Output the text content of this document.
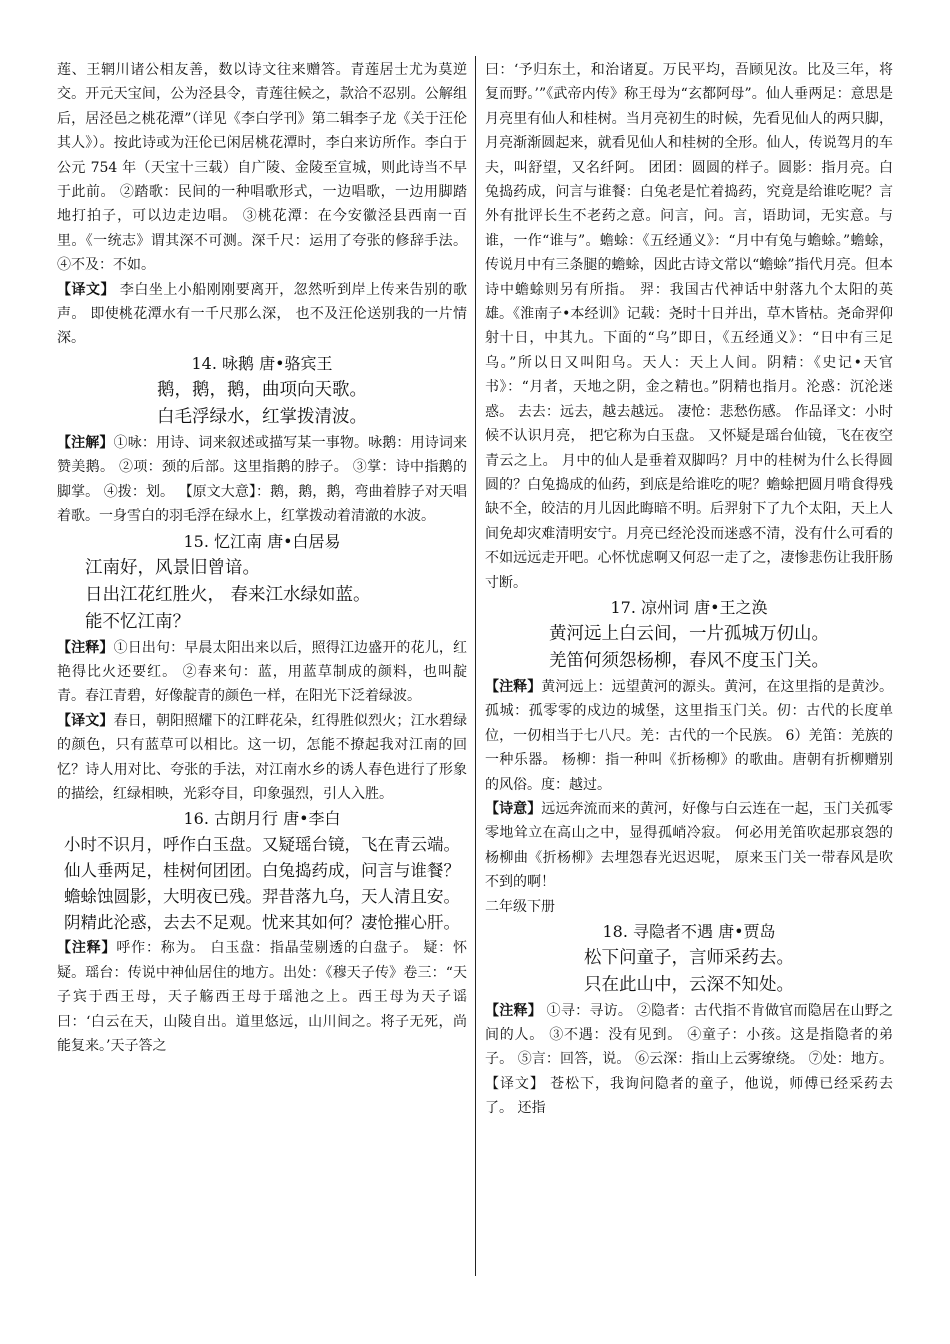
莲、王辋川诸公相友善，数以诗文往来赠答。青莲居士尤为莫逆交。开元天宝间，公为泾县令，青莲往候之，款洽不忍别。公解组后，居泾邑之桃花潭”（详见《李白学刊》第二辑李子龙《关于汪伦其人》）。按此诗或为汪伦已闲居桃花潭时，李白来访所作。李白于公元 754 年（天宝十三载）自广陵、金陵至宣城，则此诗当不早于此前。 ②踏歌：民间的一种唱歌形式，一边唱歌，一边用脚踏地打拍子，可以边走边唱。 ③桃花潭：在今安徽泾县西南一百里。《一统志》谓其深不可测。深千尺：运用了夸张的修辞手法。 ④不及：不如。

【译文】 李白坐上小船刚刚要离开，忽然听到岸上传来告别的歌声。 即使桃花潭水有一千尺那么深， 也不及汪伦送别我的一片情深。

14. 咏鹅 唐•骆宾王

鹅，鹅，鹅，曲项向天歌。

白毛浮绿水，红掌拨清波。

【注解】①咏：用诗、词来叙述或描写某一事物。咏鹅：用诗词来赞美鹅。 ②项：颈的后部。这里指鹅的脖子。 ③掌：诗中指鹅的脚掌。 ④拨：划。 【原文大意】：鹅，鹅，鹅，弯曲着脖子对天唱着歌。一身雪白的羽毛浮在绿水上，红掌拨动着清澈的水波。

15. 忆江南 唐•白居易

江南好，风景旧曾谙。

日出江花红胜火， 春来江水绿如蓝。

能不忆江南？

【注释】①日出句：早晨太阳出来以后，照得江边盛开的花儿，红艳得比火还要红。 ②春来句：蓝，用蓝草制成的颜料，也叫靛青。春江青碧，好像靛青的颜色一样，在阳光下泛着绿波。

【译文】春日，朝阳照耀下的江畔花朵，红得胜似烈火；江水碧绿的颜色，只有蓝草可以相比。这一切，怎能不撩起我对江南的回忆？诗人用对比、夸张的手法，对江南水乡的诱人春色进行了形象的描绘，红绿相映，光彩夺目，印象强烈，引人入胜。

16. 古朗月行 唐•李白

小时不识月，呼作白玉盘。又疑瑶台镜，飞在青云端。

仙人垂两足，桂树何团团。白兔捣药成，问言与谁餐？

蟾蜍蚀圆影，大明夜已残。羿昔落九乌，天人清且安。

阴精此沦惑，去去不足观。忧来其如何？凄怆摧心肝。

【注释】呼作：称为。 白玉盘：指晶莹剔透的白盘子。 疑：怀疑。瑶台：传说中神仙居住的地方。出处：《穆天子传》卷三：“天子宾于西王母，天子觞西王母于瑶池之上。西王母为天子谣曰：‘白云在天，山陵自出。道里悠远，山川间之。将子无死，尚能复来。’天子答之

曰：‘予归东土，和治诸夏。万民平均，吾顾见汝。比及三年，将复而野。’”《武帝内传》称王母为“玄都阿母”。仙人垂两足：意思是月亮里有仙人和桂树。当月亮初生的时候，先看见仙人的两只脚，月亮渐渐圆起来，就看见仙人和桂树的全形。仙人，传说驾月的车夫，叫舒望，又名纤阿。 团团：圆圆的样子。圆影：指月亮。白兔捣药成，问言与谁餐：白兔老是忙着捣药，究竟是给谁吃呢？言外有批评长生不老药之意。问言，问。言，语助词，无实意。与谁，一作“谁与”。蟾蜍：《五经通义》：“月中有兔与蟾蜍。”蟾蜍，传说月中有三条腿的蟾蜍，因此古诗文常以“蟾蜍”指代月亮。但本诗中蟾蜍则另有所指。 羿：我国古代神话中射落九个太阳的英雄。《淮南子•本经训》记载：尧时十日并出，草木皆枯。尧命羿仰射十日，中其九。下面的“乌”即日，《五经通义》：“日中有三足乌。”所以日又叫阳乌。天人：天上人间。阴精：《史记•天官书》：“月者，天地之阴，金之精也。”阴精也指月。沦惑：沉沦迷惑。 去去：远去，越去越远。 凄怆：悲愁伤感。 作品译文：小时候不认识月亮， 把它称为白玉盘。 又怀疑是瑶台仙镜，飞在夜空青云之上。 月中的仙人是垂着双脚吗？月中的桂树为什么长得圆圆的？白兔捣成的仙药，到底是给谁吃的呢？蟾蜍把圆月啃食得残缺不全，皎洁的月儿因此晦暗不明。后羿射下了九个太阳，天上人间免却灾难清明安宁。月亮已经沦没而迷惑不清，没有什么可看的不如远远走开吧。心怀忧虑啊又何忍一走了之，凄惨悲伤让我肝肠寸断。

17. 凉州词 唐•王之涣

黄河远上白云间，一片孤城万仞山。

羌笛何须怨杨柳，春风不度玉门关。

【注释】黄河远上：远望黄河的源头。黄河，在这里指的是黄沙。孤城：孤零零的戍边的城堡，这里指玉门关。仞：古代的长度单位，一仞相当于七八尺。羌：古代的一个民族。 6）羌笛：羌族的一种乐器。 杨柳：指一种叫《折杨柳》的歌曲。唐朝有折柳赠别的风俗。度：越过。

【诗意】远远奔流而来的黄河，好像与白云连在一起，玉门关孤零零地耸立在高山之中，显得孤峭冷寂。 何必用羌笛吹起那哀怨的杨柳曲《折杨柳》去埋怨春光迟迟呢， 原来玉门关一带春风是吹不到的啊！

二年级下册

18. 寻隐者不遇 唐•贾岛

松下问童子，言师采药去。

只在此山中，云深不知处。

【注释】 ①寻：寻访。 ②隐者：古代指不肯做官而隐居在山野之间的人。 ③不遇：没有见到。 ④童子：小孩。这是指隐者的弟子。 ⑤言：回答，说。 ⑥云深：指山上云雾缭绕。 ⑦处：地方。 【译文】 苍松下，我询问隐者的童子，他说，师傅已经采药去了。 还指
